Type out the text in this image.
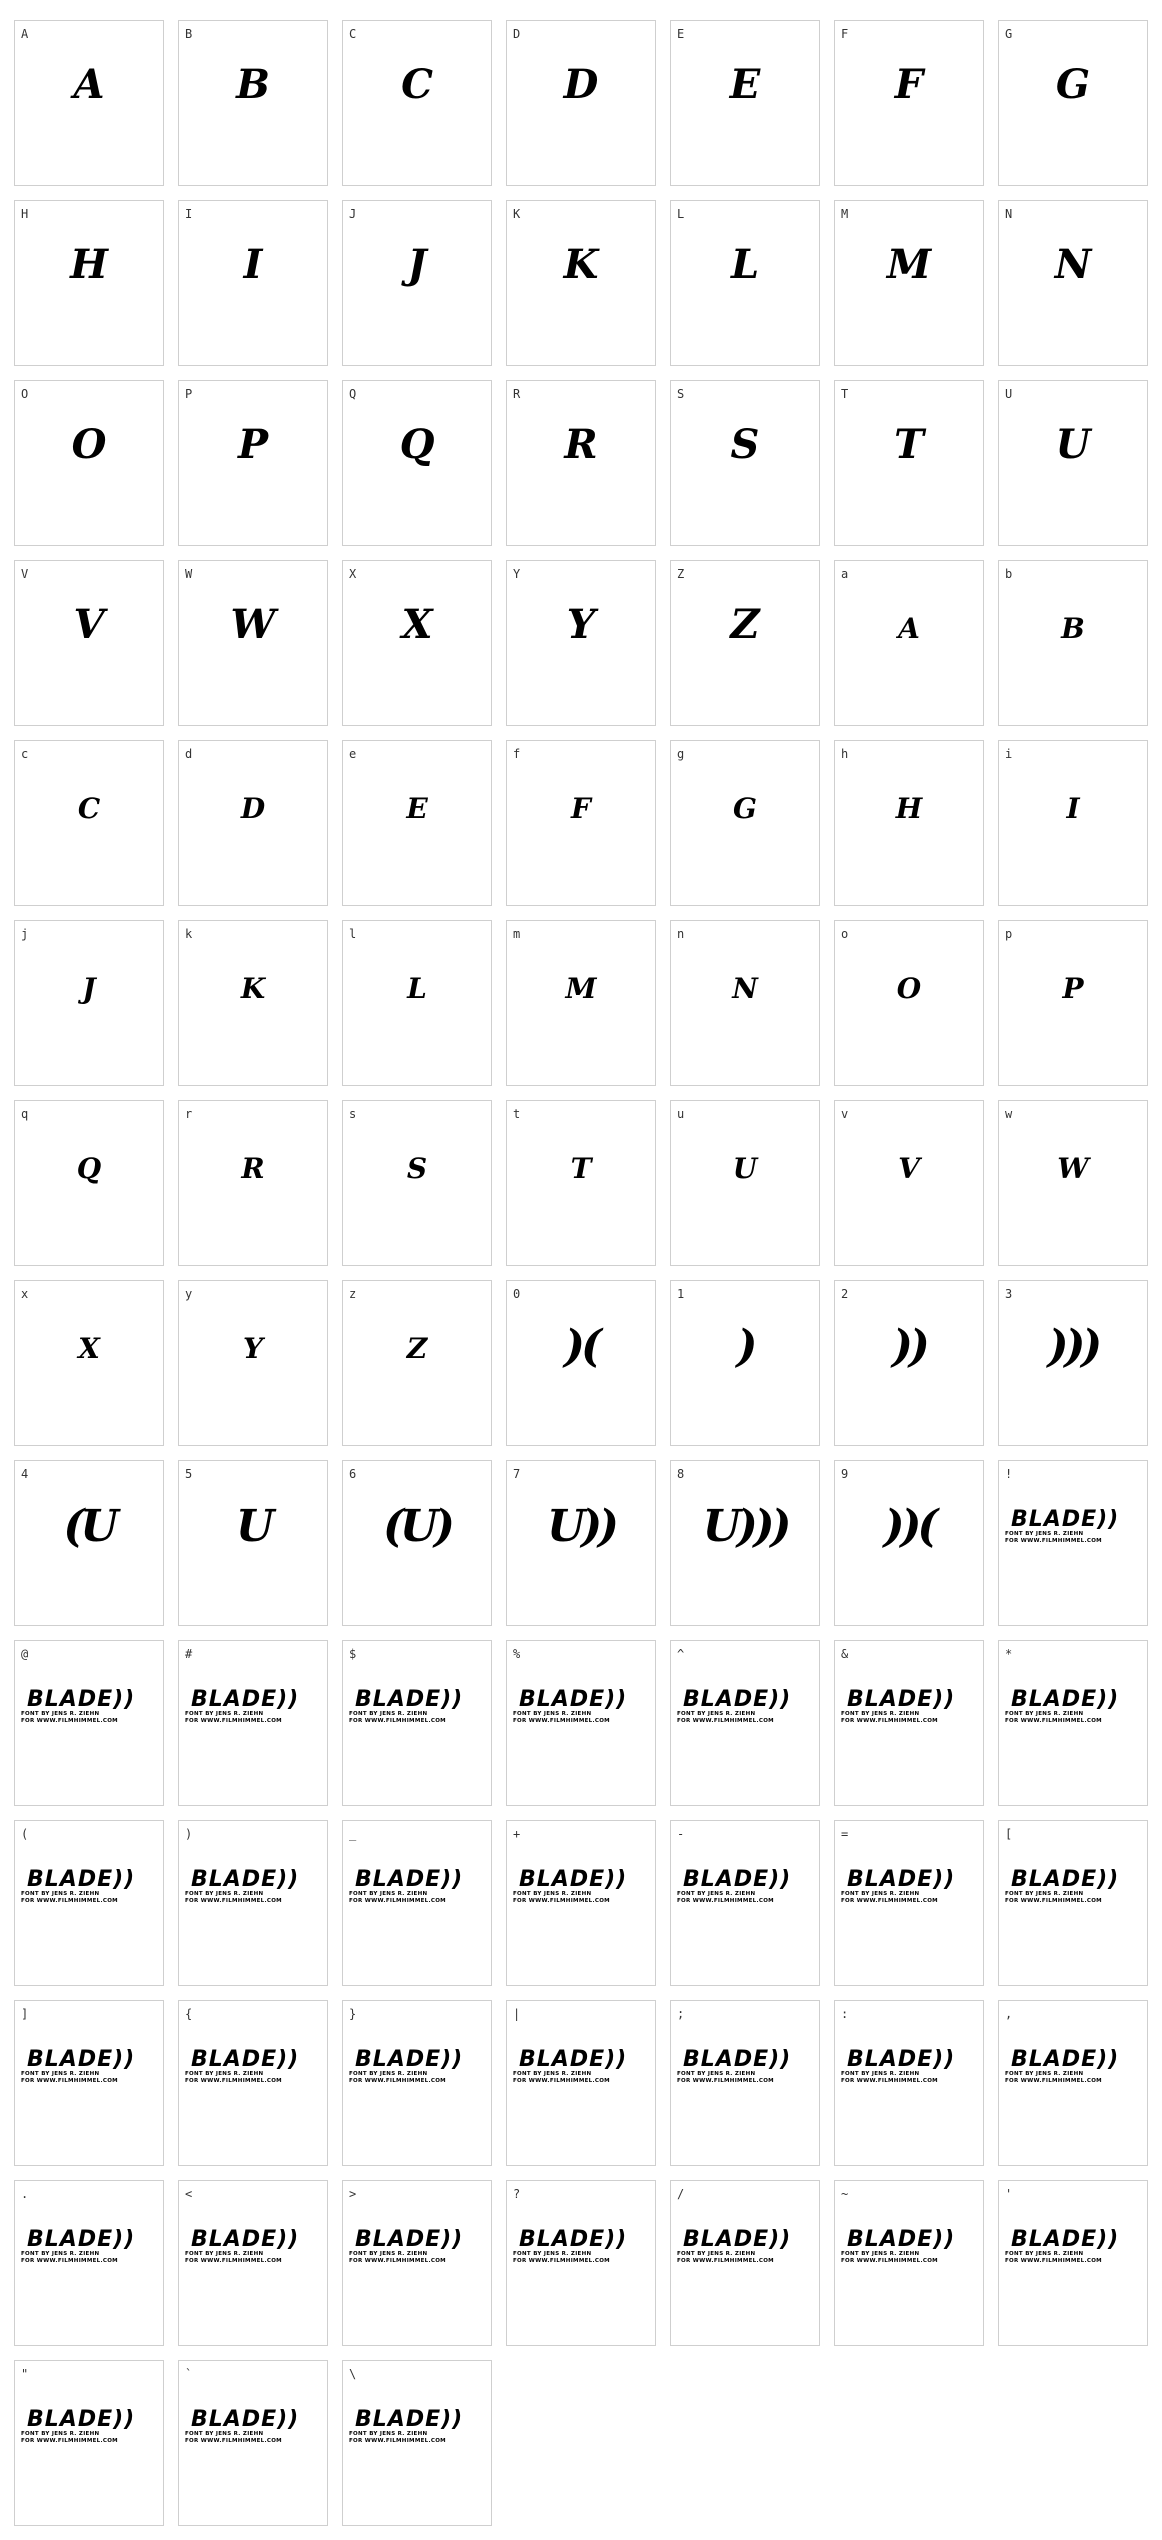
A
A
B
B
C
C
D
D
E
E
F
F
G
G
H
H
I
I
J
J
K
K
L
L
M
M
N
N
O
O
P
P
Q
Q
R
R
S
S
T
T
U
U
V
V
W
W
X
X
Y
Y
Z
Z
a
A
b
B
c
C
d
D
e
E
f
F
g
G
h
H
i
I
j
J
k
K
l
L
m
M
n
N
o
O
p
P
q
Q
r
R
s
S
t
T
u
U
v
V
w
W
x
X
y
Y
z
Z
0
)(
1
)
2
))
3
)))
4
(U
5
U
6
(U)
7
U))
8
U)))
9
))(
!
BLADE))
FONT BY JENS R. ZIEHN
FOR WWW.FILMHIMMEL.COM
@
BLADE))
FONT BY JENS R. ZIEHN
FOR WWW.FILMHIMMEL.COM
#
BLADE))
FONT BY JENS R. ZIEHN
FOR WWW.FILMHIMMEL.COM
$
BLADE))
FONT BY JENS R. ZIEHN
FOR WWW.FILMHIMMEL.COM
%
BLADE))
FONT BY JENS R. ZIEHN
FOR WWW.FILMHIMMEL.COM
^
BLADE))
FONT BY JENS R. ZIEHN
FOR WWW.FILMHIMMEL.COM
&
BLADE))
FONT BY JENS R. ZIEHN
FOR WWW.FILMHIMMEL.COM
*
BLADE))
FONT BY JENS R. ZIEHN
FOR WWW.FILMHIMMEL.COM
(
BLADE))
FONT BY JENS R. ZIEHN
FOR WWW.FILMHIMMEL.COM
)
BLADE))
FONT BY JENS R. ZIEHN
FOR WWW.FILMHIMMEL.COM
_
BLADE))
FONT BY JENS R. ZIEHN
FOR WWW.FILMHIMMEL.COM
+
BLADE))
FONT BY JENS R. ZIEHN
FOR WWW.FILMHIMMEL.COM
-
BLADE))
FONT BY JENS R. ZIEHN
FOR WWW.FILMHIMMEL.COM
=
BLADE))
FONT BY JENS R. ZIEHN
FOR WWW.FILMHIMMEL.COM
[
BLADE))
FONT BY JENS R. ZIEHN
FOR WWW.FILMHIMMEL.COM
]
BLADE))
FONT BY JENS R. ZIEHN
FOR WWW.FILMHIMMEL.COM
{
BLADE))
FONT BY JENS R. ZIEHN
FOR WWW.FILMHIMMEL.COM
}
BLADE))
FONT BY JENS R. ZIEHN
FOR WWW.FILMHIMMEL.COM
|
BLADE))
FONT BY JENS R. ZIEHN
FOR WWW.FILMHIMMEL.COM
;
BLADE))
FONT BY JENS R. ZIEHN
FOR WWW.FILMHIMMEL.COM
:
BLADE))
FONT BY JENS R. ZIEHN
FOR WWW.FILMHIMMEL.COM
,
BLADE))
FONT BY JENS R. ZIEHN
FOR WWW.FILMHIMMEL.COM
.
BLADE))
FONT BY JENS R. ZIEHN
FOR WWW.FILMHIMMEL.COM
<
BLADE))
FONT BY JENS R. ZIEHN
FOR WWW.FILMHIMMEL.COM
>
BLADE))
FONT BY JENS R. ZIEHN
FOR WWW.FILMHIMMEL.COM
?
BLADE))
FONT BY JENS R. ZIEHN
FOR WWW.FILMHIMMEL.COM
/
BLADE))
FONT BY JENS R. ZIEHN
FOR WWW.FILMHIMMEL.COM
~
BLADE))
FONT BY JENS R. ZIEHN
FOR WWW.FILMHIMMEL.COM
'
BLADE))
FONT BY JENS R. ZIEHN
FOR WWW.FILMHIMMEL.COM
"
BLADE))
FONT BY JENS R. ZIEHN
FOR WWW.FILMHIMMEL.COM
`
BLADE))
FONT BY JENS R. ZIEHN
FOR WWW.FILMHIMMEL.COM
\
BLADE))
FONT BY JENS R. ZIEHN
FOR WWW.FILMHIMMEL.COM
